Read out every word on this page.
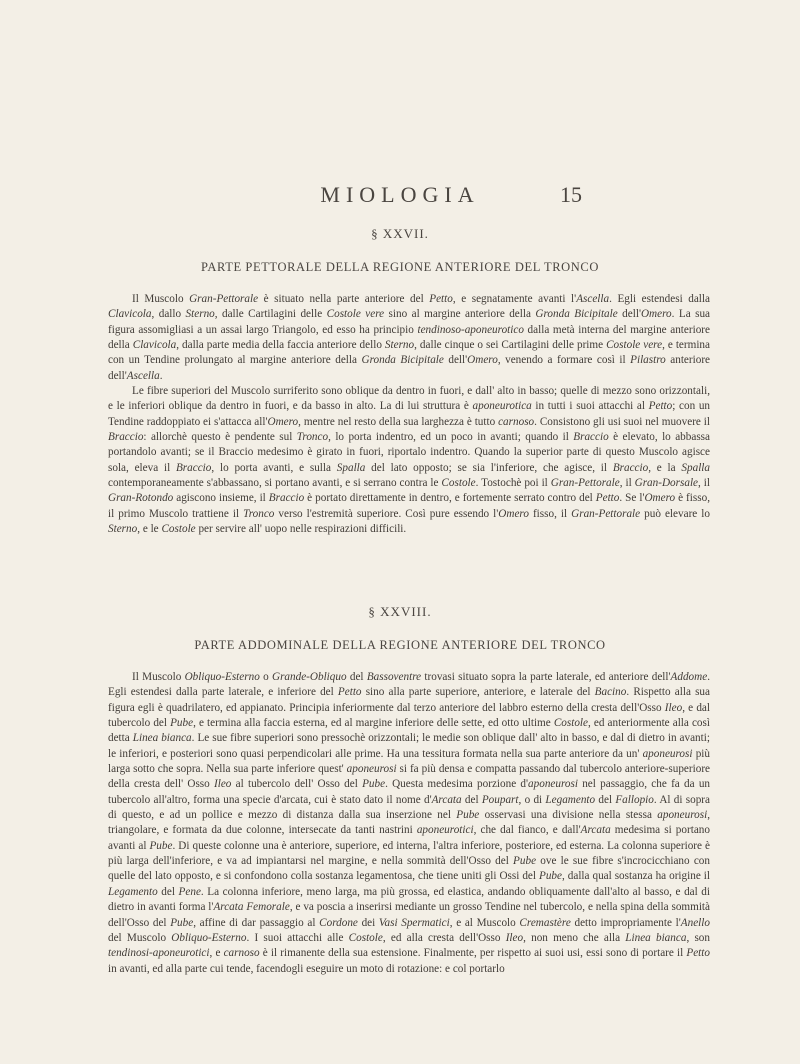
MIOLOGIA	15
§ XXVII.
PARTE PETTORALE DELLA REGIONE ANTERIORE DEL TRONCO

Il Muscolo Gran-Pettorale è situato nella parte anteriore del Petto, e segnatamente avanti l'Ascella. Egli estendesi dalla Clavicola, dallo Sterno, dalle Cartilagini delle Costole vere sino al margine anteriore della Gronda Bicipitale dell'Omero. La sua figura assomigliasi a un assai largo Triangolo, ed esso ha principio tendinoso-aponeurotico dalla metà interna del margine anteriore della Clavicola, dalla parte media della faccia anteriore dello Sterno, dalle cinque o sei Cartilagini delle prime Costole vere, e termina con un Tendine prolungato al margine anteriore della Gronda Bicipitale dell'Omero, venendo a formare così il Pilastro anteriore dell'Ascella.

Le fibre superiori del Muscolo surriferito sono oblique da dentro in fuori, e dall' alto in basso; quelle di mezzo sono orizzontali, e le inferiori oblique da dentro in fuori, e da basso in alto. La di lui struttura è aponeurotica in tutti i suoi attacchi al Petto; con un Tendine raddoppiato ei s'attacca all'Omero, mentre nel resto della sua larghezza è tutto carnoso. Consistono gli usi suoi nel muovere il Braccio: allorchè questo è pendente sul Tronco, lo porta indentro, ed un poco in avanti; quando il Braccio è elevato, lo abbassa portandolo avanti; se il Braccio medesimo è girato in fuori, riportalo indentro. Quando la superior parte di questo Muscolo agisce sola, eleva il Braccio, lo porta avanti, e sulla Spalla del lato opposto; se sia l'inferiore, che agisce, il Braccio, e la Spalla contemporaneamente s'abbassano, si portano avanti, e si serrano contra le Costole. Tostochè poi il Gran-Pettorale, il Gran-Dorsale, il Gran-Rotondo agiscono insieme, il Braccio è portato direttamente in dentro, e fortemente serrato contro del Petto. Se l'Omero è fisso, il primo Muscolo trattiene il Tronco verso l'estremità superiore. Così pure essendo l'Omero fisso, il Gran-Pettorale può elevare lo Sterno, e le Costole per servire all' uopo nelle respirazioni difficili.

§ XXVIII.
PARTE ADDOMINALE DELLA REGIONE ANTERIORE DEL TRONCO

Il Muscolo Obliquo-Esterno o Grande-Obliquo del Bassoventre trovasi situato sopra la parte laterale, ed anteriore dell'Addome. Egli estendesi dalla parte laterale, e inferiore del Petto sino alla parte superiore, anteriore, e laterale del Bacino. Rispetto alla sua figura egli è quadrilatero, ed appianato. Principia inferiormente dal terzo anteriore del labbro esterno della cresta dell'Osso Ileo, e dal tubercolo del Pube, e termina alla faccia esterna, ed al margine inferiore delle sette, ed otto ultime Costole, ed anteriormente alla così detta Linea bianca. Le sue fibre superiori sono pressochè orizzontali; le medie son oblique dall' alto in basso, e dal di dietro in avanti; le inferiori, e posteriori sono quasi perpendicolari alle prime. Ha una tessitura formata nella sua parte anteriore da un' aponeurosi più larga sotto che sopra. Nella sua parte inferiore quest' aponeurosi si fa più densa e compatta passando dal tubercolo anteriore-superiore della cresta dell' Osso Ileo al tubercolo dell' Osso del Pube. Questa medesima porzione d'aponeurosi nel passaggio, che fa da un tubercolo all'altro, forma una specie d'arcata, cui è stato dato il nome d'Arcata del Poupart, o di Legamento del Fallopio. Al di sopra di questo, e ad un pollice e mezzo di distanza dalla sua inserzione nel Pube osservasi una divisione nella stessa aponeurosi, triangolare, e formata da due colonne, intersecate da tanti nastrini aponeurotici, che dal fianco, e dall'Arcata medesima si portano avanti al Pube. Di queste colonne una è anteriore, superiore, ed interna, l'altra inferiore, posteriore, ed esterna. La colonna superiore è più larga dell'inferiore, e va ad impiantarsi nel margine, e nella sommità dell'Osso del Pube ove le sue fibre s'incrocicchiano con quelle del lato opposto, e si confondono colla sostanza legamentosa, che tiene uniti gli Ossi del Pube, dalla qual sostanza ha origine il Legamento del Pene. La colonna inferiore, meno larga, ma più grossa, ed elastica, andando obliquamente dall'alto al basso, e dal di dietro in avanti forma l'Arcata Femorale, e va poscia a inserirsi mediante un grosso Tendine nel tubercolo, e nella spina della sommità dell'Osso del Pube, affine di dar passaggio al Cordone dei Vasi Spermatici, e al Muscolo Cremastère detto impropriamente l'Anello del Muscolo Obliquo-Esterno. I suoi attacchi alle Costole, ed alla cresta dell'Osso Ileo, non meno che alla Linea bianca, son tendinosi-aponeurotici, e carnoso è il rimanente della sua estensione. Finalmente, per rispetto ai suoi usi, essi sono di portare il Petto in avanti, ed alla parte cui tende, facendogli eseguire un moto di rotazione: e col portarlo
